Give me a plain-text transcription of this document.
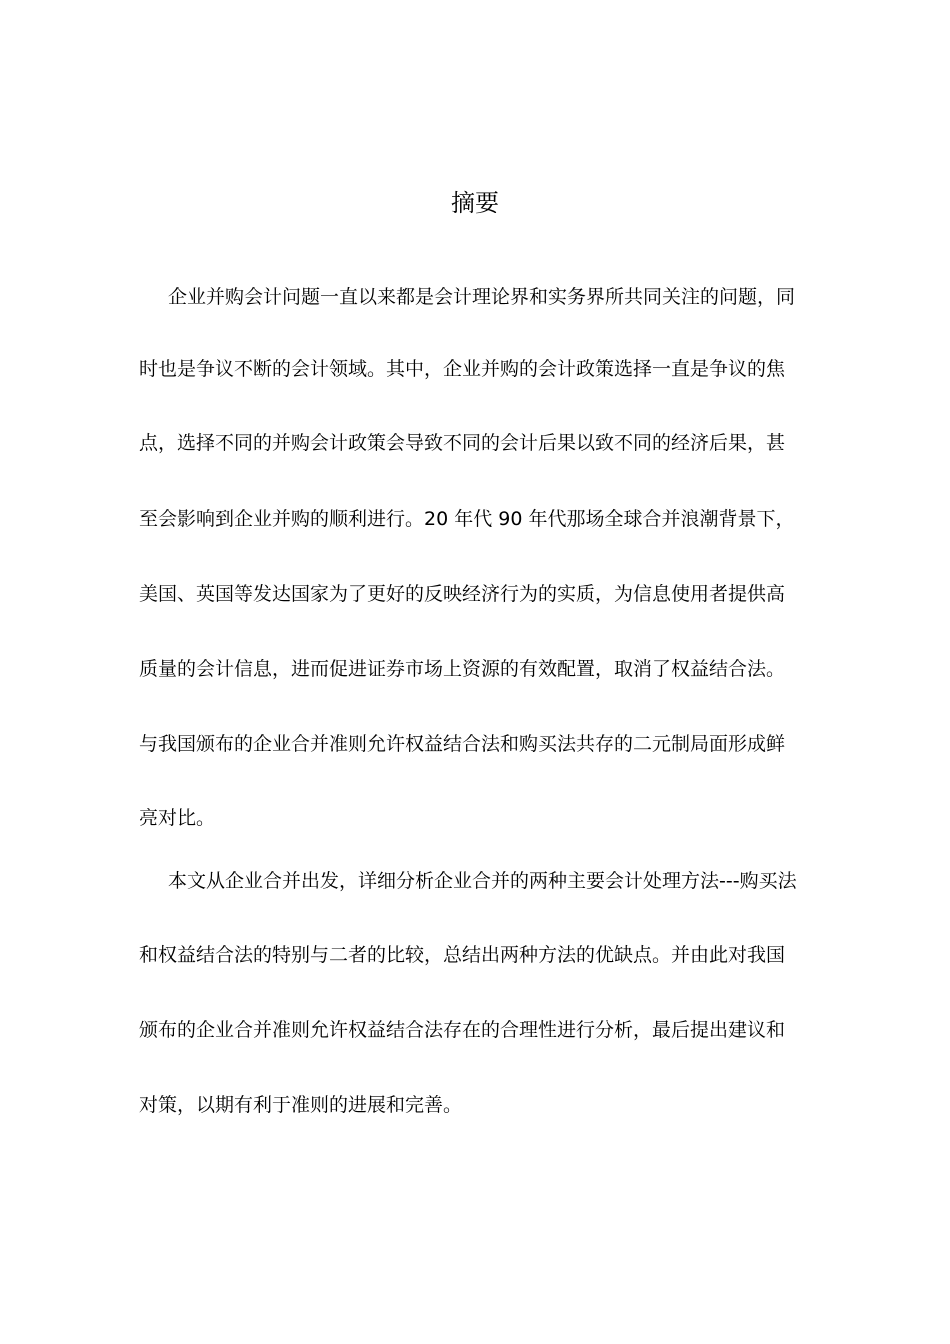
摘要
企业并购会计问题一直以来都是会计理论界和实务界所共同关注的问题，同
时也是争议不断的会计领域。其中，企业并购的会计政策选择一直是争议的焦
点，选择不同的并购会计政策会导致不同的会计后果以致不同的经济后果，甚
至会影响到企业并购的顺利进行。20 年代 90 年代那场全球合并浪潮背景下，
美国、英国等发达国家为了更好的反映经济行为的实质，为信息使用者提供高
质量的会计信息，进而促进证券市场上资源的有效配置，取消了权益结合法。
与我国颁布的企业合并准则允许权益结合法和购买法共存的二元制局面形成鲜
亮对比。
本文从企业合并出发，详细分析企业合并的两种主要会计处理方法---购买法
和权益结合法的特别与二者的比较，总结出两种方法的优缺点。并由此对我国
颁布的企业合并准则允许权益结合法存在的合理性进行分析，最后提出建议和
对策，以期有利于准则的进展和完善。
